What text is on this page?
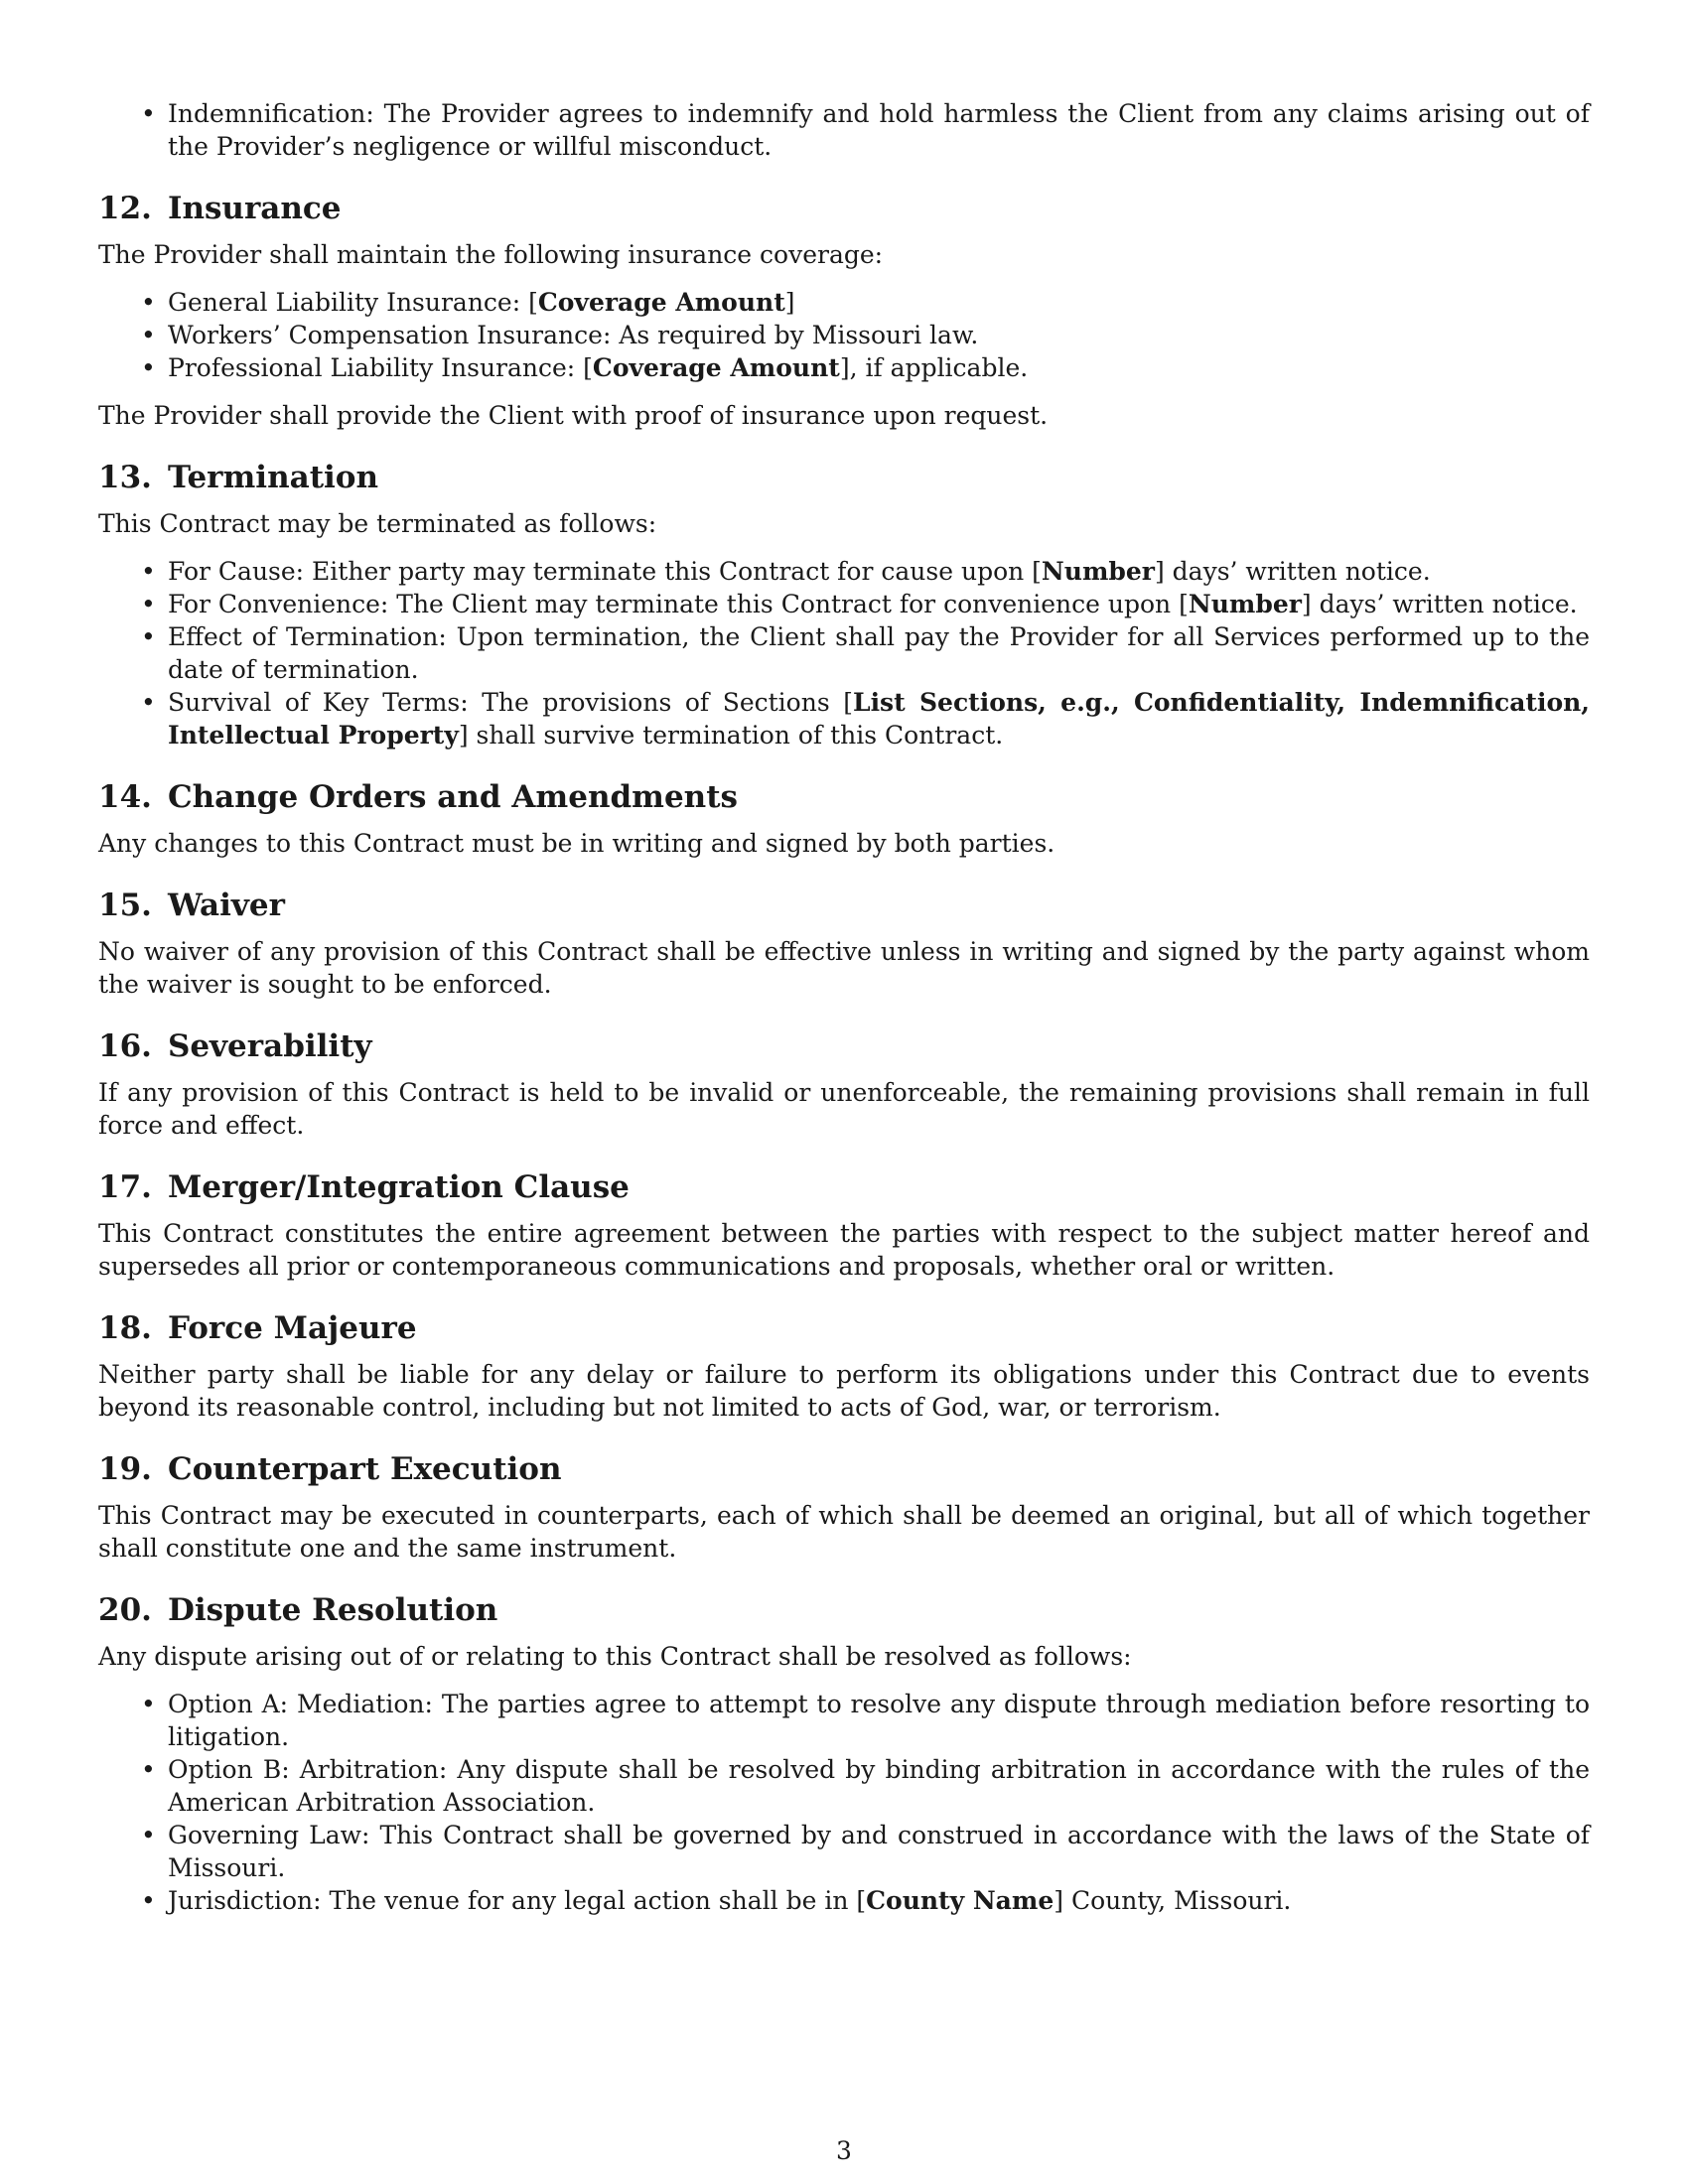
• Indemnification: The Provider agrees to indemnify and hold harmless the Client from any claims arising out of the Provider’s negligence or willful misconduct.
12. Insurance

The Provider shall maintain the following insurance coverage:

• General Liability Insurance: [Coverage Amount]
• Workers’ Compensation Insurance: As required by Missouri law.
• Professional Liability Insurance: [Coverage Amount], if applicable.

The Provider shall provide the Client with proof of insurance upon request.

13. Termination

This Contract may be terminated as follows:

• For Cause: Either party may terminate this Contract for cause upon [Number] days’ written notice.
• For Convenience: The Client may terminate this Contract for convenience upon [Number] days’ written notice.
• Effect of Termination: Upon termination, the Client shall pay the Provider for all Services performed up to the date of termination.
• Survival of Key Terms: The provisions of Sections [List Sections, e.g., Confidentiality, Indemnification, Intellectual Property] shall survive termination of this Contract.
14. Change Orders and Amendments

Any changes to this Contract must be in writing and signed by both parties.

15. Waiver

No waiver of any provision of this Contract shall be effective unless in writing and signed by the party against whom the waiver is sought to be enforced.

16. Severability

If any provision of this Contract is held to be invalid or unenforceable, the remaining provisions shall remain in full force and effect.

17. Merger/Integration Clause

This Contract constitutes the entire agreement between the parties with respect to the subject matter hereof and supersedes all prior or contemporaneous communications and proposals, whether oral or written.

18. Force Majeure

Neither party shall be liable for any delay or failure to perform its obligations under this Contract due to events beyond its reasonable control, including but not limited to acts of God, war, or terrorism.

19. Counterpart Execution

This Contract may be executed in counterparts, each of which shall be deemed an original, but all of which together shall constitute one and the same instrument.

20. Dispute Resolution

Any dispute arising out of or relating to this Contract shall be resolved as follows:

• Option A: Mediation: The parties agree to attempt to resolve any dispute through mediation before resorting to litigation.
• Option B: Arbitration: Any dispute shall be resolved by binding arbitration in accordance with the rules of the American Arbitration Association.
• Governing Law: This Contract shall be governed by and construed in accordance with the laws of the State of Missouri.
• Jurisdiction: The venue for any legal action shall be in [County Name] County, Missouri.
3
